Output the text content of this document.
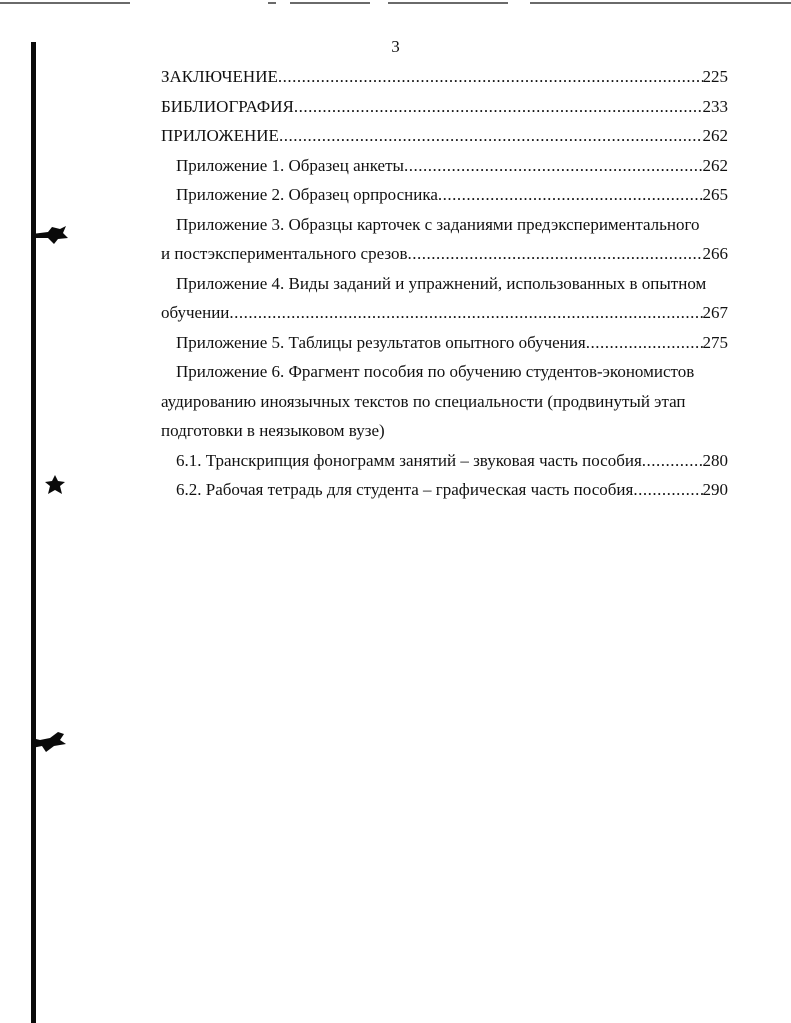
3
ЗАКЛЮЧЕНИЕ .....	225
БИБЛИОГРАФИЯ .....	233
ПРИЛОЖЕНИЕ .....	262
Приложение 1. Образец анкеты .....	262
Приложение 2. Образец орпросника .....	265
Приложение 3. Образцы карточек с заданиями предэкспериментального
и постэкспериментального срезов .....	266
Приложение 4. Виды заданий и упражнений, использованных в опытном
обучении .....	267
Приложение 5. Таблицы результатов опытного обучения .....	275
Приложение 6. Фрагмент пособия по обучению студентов-экономистов
аудированию иноязычных текстов по специальности (продвинутый этап
подготовки в неязыковом вузе)
6.1. Транскрипция фонограмм занятий – звуковая часть пособия .....	280
6.2. Рабочая тетрадь для студента – графическая часть пособия .....	290
